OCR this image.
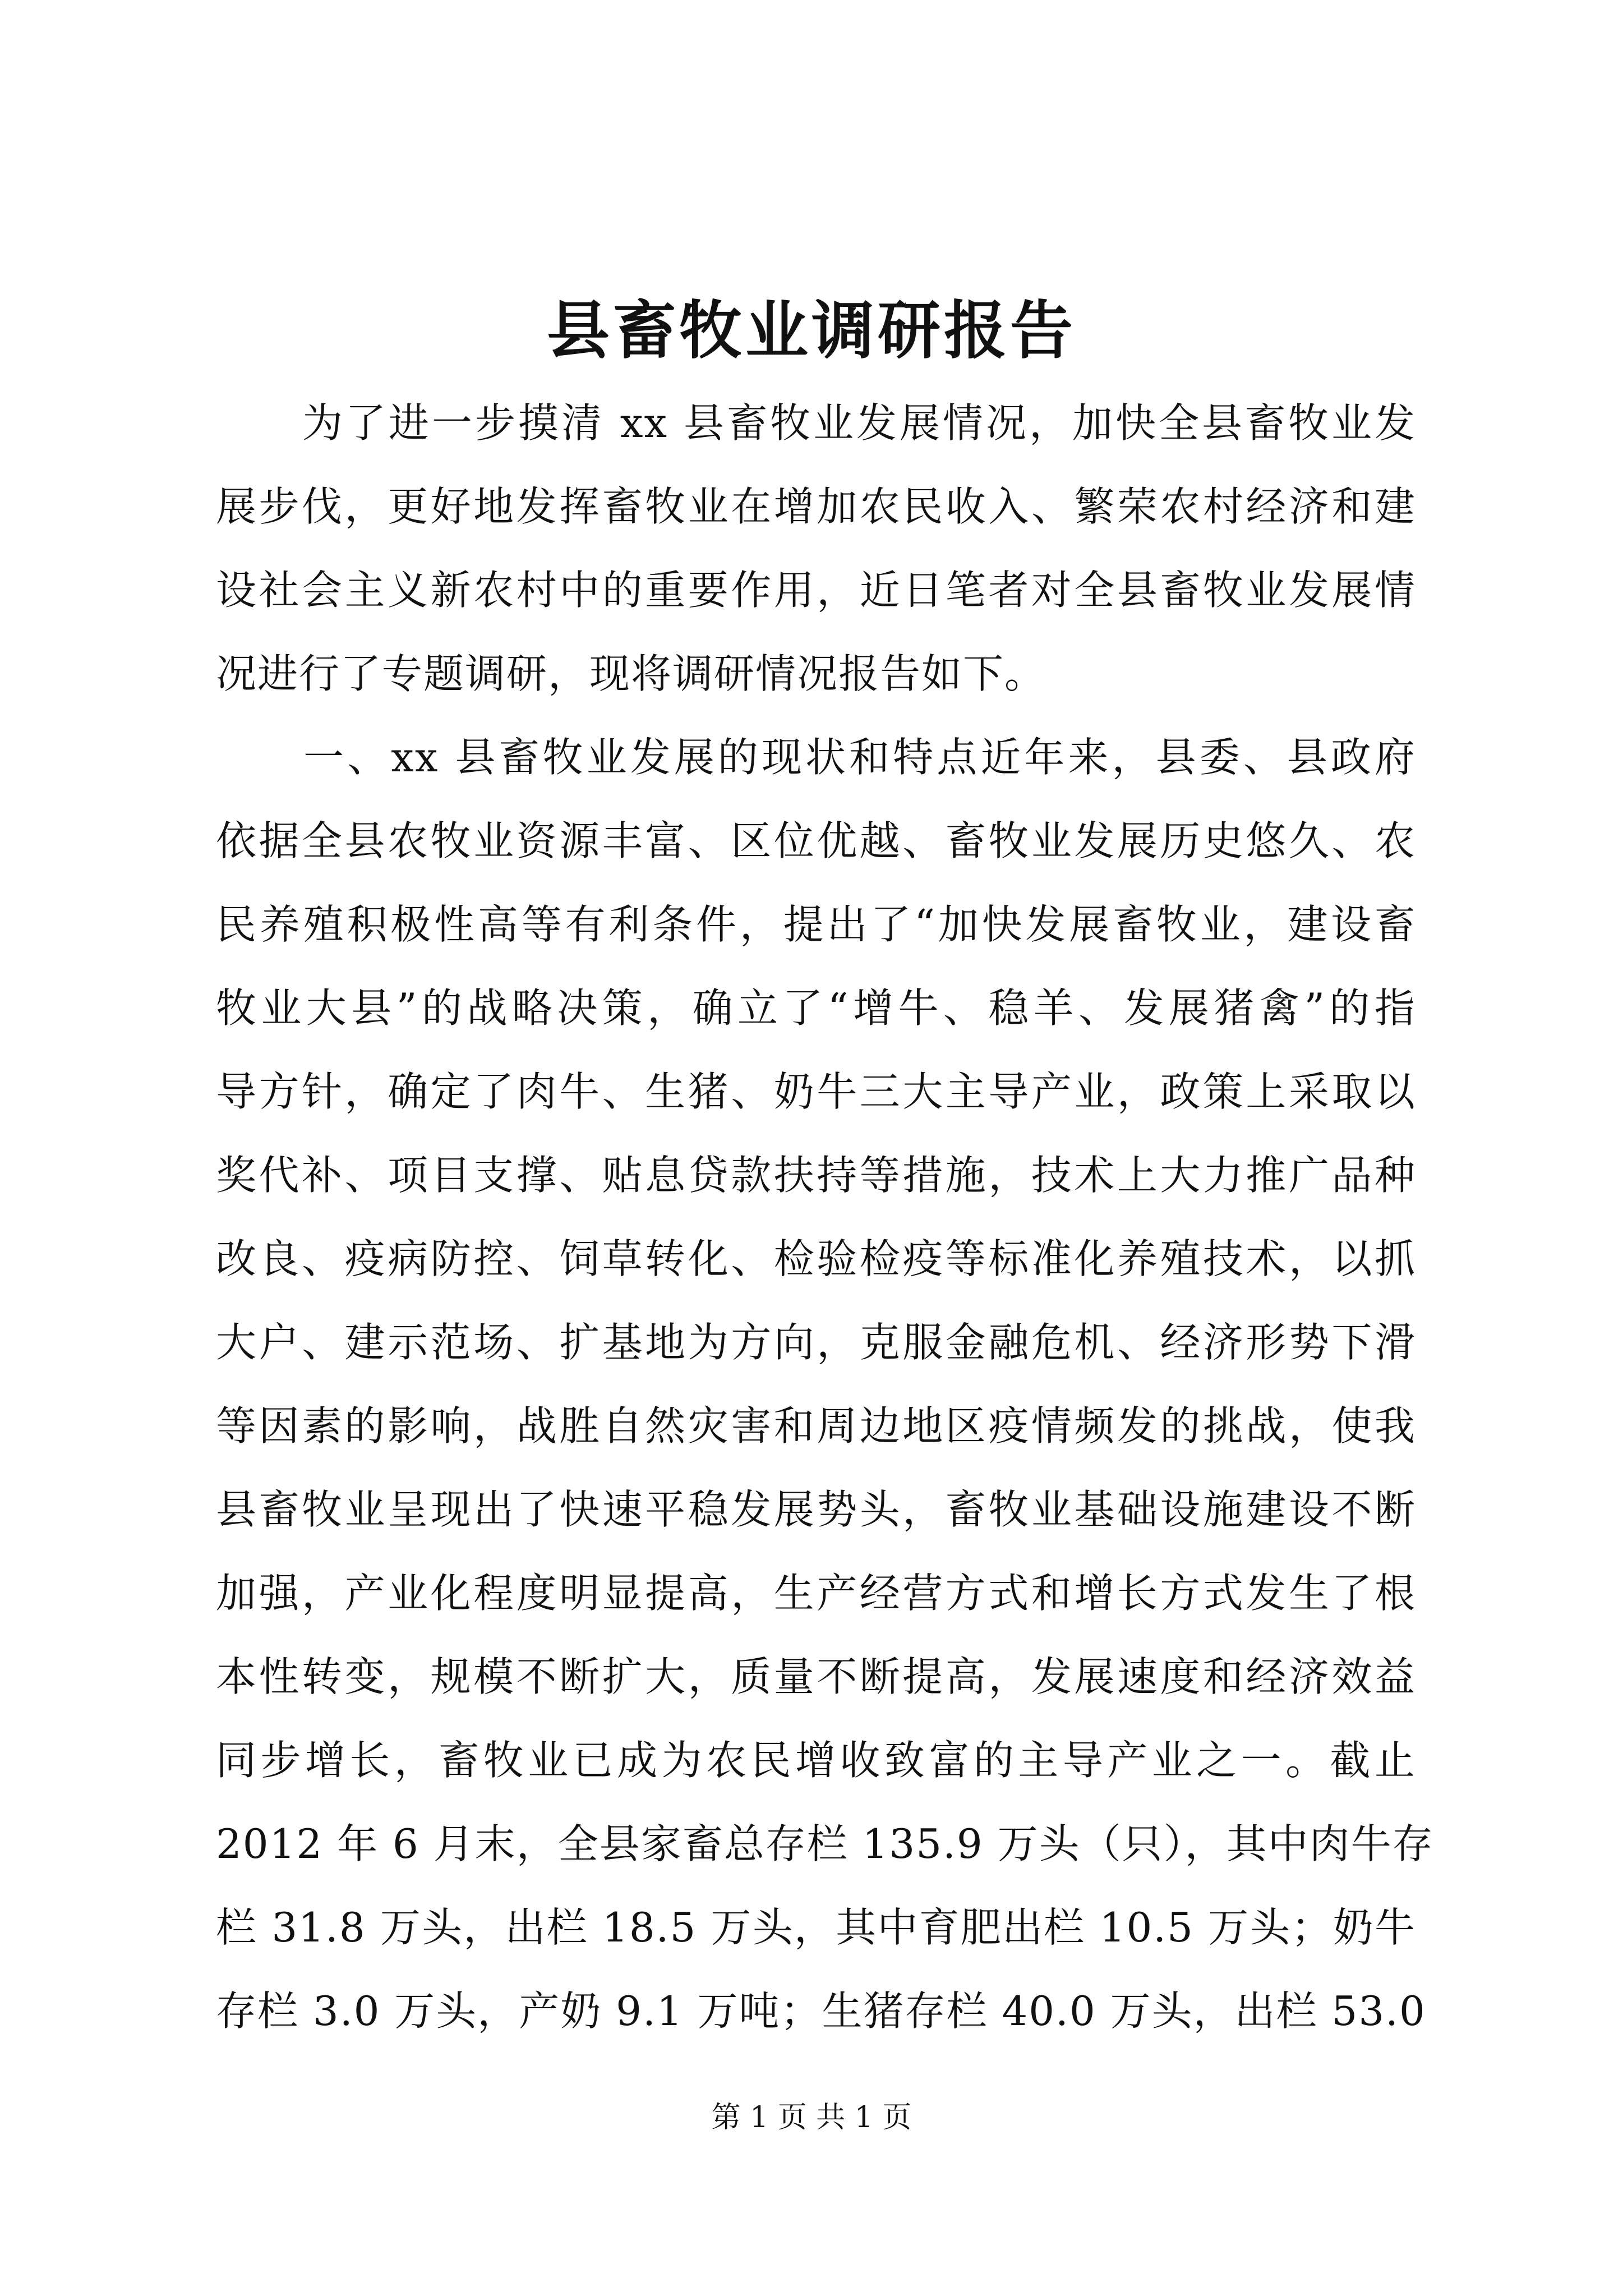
县畜牧业调研报告
　　为了进一步摸清 xx 县畜牧业发展情况，加快全县畜牧业发
展步伐，更好地发挥畜牧业在增加农民收入、繁荣农村经济和建
设社会主义新农村中的重要作用，近日笔者对全县畜牧业发展情
况进行了专题调研，现将调研情况报告如下。
　　一、xx 县畜牧业发展的现状和特点近年来，县委、县政府
依据全县农牧业资源丰富、区位优越、畜牧业发展历史悠久、农
民养殖积极性高等有利条件，提出了“加快发展畜牧业，建设畜
牧业大县”的战略决策，确立了“增牛、稳羊、发展猪禽”的指
导方针，确定了肉牛、生猪、奶牛三大主导产业，政策上采取以
奖代补、项目支撑、贴息贷款扶持等措施，技术上大力推广品种
改良、疫病防控、饲草转化、检验检疫等标准化养殖技术，以抓
大户、建示范场、扩基地为方向，克服金融危机、经济形势下滑
等因素的影响，战胜自然灾害和周边地区疫情频发的挑战，使我
县畜牧业呈现出了快速平稳发展势头，畜牧业基础设施建设不断
加强，产业化程度明显提高，生产经营方式和增长方式发生了根
本性转变，规模不断扩大，质量不断提高，发展速度和经济效益
同步增长，畜牧业已成为农民增收致富的主导产业之一。截止
2012 年 6 月末，全县家畜总存栏 135.9 万头（只），其中肉牛存
栏 31.8 万头，出栏 18.5 万头，其中育肥出栏 10.5 万头；奶牛
存栏 3.0 万头，产奶 9.1 万吨；生猪存栏 40.0 万头，出栏 53.0
第 1 页 共 1 页
